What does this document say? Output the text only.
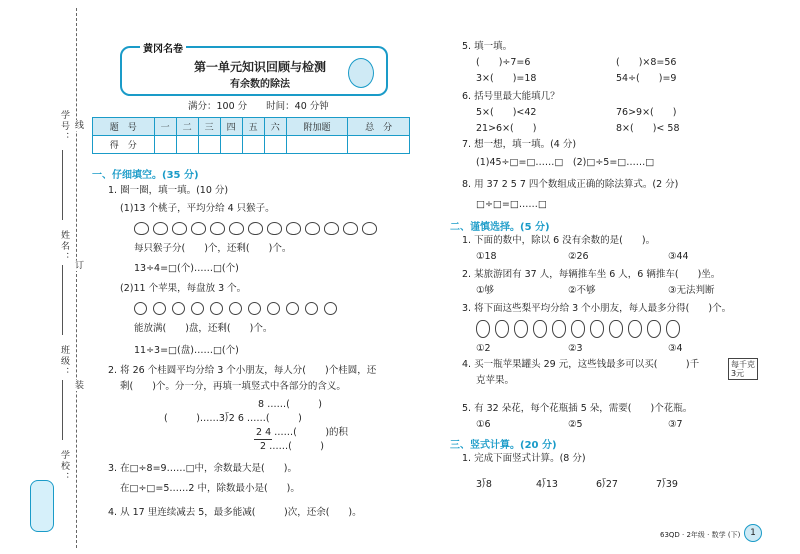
学号：
姓名：
班级：
学校：
线
订
装
黄冈名卷
第一单元知识回顾与检测
有余数的除法
满分：100 分　　时间：40 分钟
题　号	一	二	三	四	五	六	附加题	总　分
得　分								
一、仔细填空。(35 分)
1. 圈一圈，填一填。(10 分)
(1)13 个桃子，平均分给 4 只猴子。
每只猴子分(　　)个，还剩(　　)个。
13÷4=□(个)……□(个)
(2)11 个苹果，每盘放 3 个。
能放满(　　)盘，还剩(　　)个。
11÷3=□(盘)……□(个)
2. 将 26 个桂圆平均分给 3 个小朋友，每人分(　　)个桂圆，还
剩(　　)个。分一分，再填一填竖式中各部分的含义。
8 ……(　　　)
(　　　)……3⟌2 6 ……(　　　)
2 4 ……(　　　)的积
2 ……(　　　)
3. 在□÷8=9……□中，余数最大是(　　)。
在□÷□=5……2 中，除数最小是(　　)。
4. 从 17 里连续减去 5，最多能减(　　　)次，还余(　　)。
5. 填一填。
(　　)÷7=6	(　　)×8=56
3×(　　)=18	54÷(　　)=9
6. 括号里最大能填几？
5×(　　)<42	76>9×(　　)
21>6×(　　)	8×(　　)< 58
7. 想一想，填一填。(4 分)
(1)45÷□=□……□　(2)□÷5=□……□
8. 用 37 2 5 7 四个数组成正确的除法算式。(2 分)
□÷□=□……□
二、谨慎选择。(5 分)
1. 下面的数中，除以 6 没有余数的是(　　)。
①18	②26	③44
2. 某旅游团有 37 人，每辆推车坐 6 人，6 辆推车(　　)坐。
①够	②不够	③无法判断
3. 将下面这些梨平均分给 3 个小朋友，每人最多分得(　　)个。
①2	②3	③4
4. 买一瓶苹果罐头 29 元，这些钱最多可以买(　　　)千
克苹果。
每千克
3元
5. 有 32 朵花，每个花瓶插 5 朵，需要(　　)个花瓶。
①6	②5	③7
三、竖式计算。(20 分)
1. 完成下面竖式计算。(8 分)
3⟌8	4⟌13	6⟌27	7⟌39
63QD · 2年级 · 数学 (下)	1
